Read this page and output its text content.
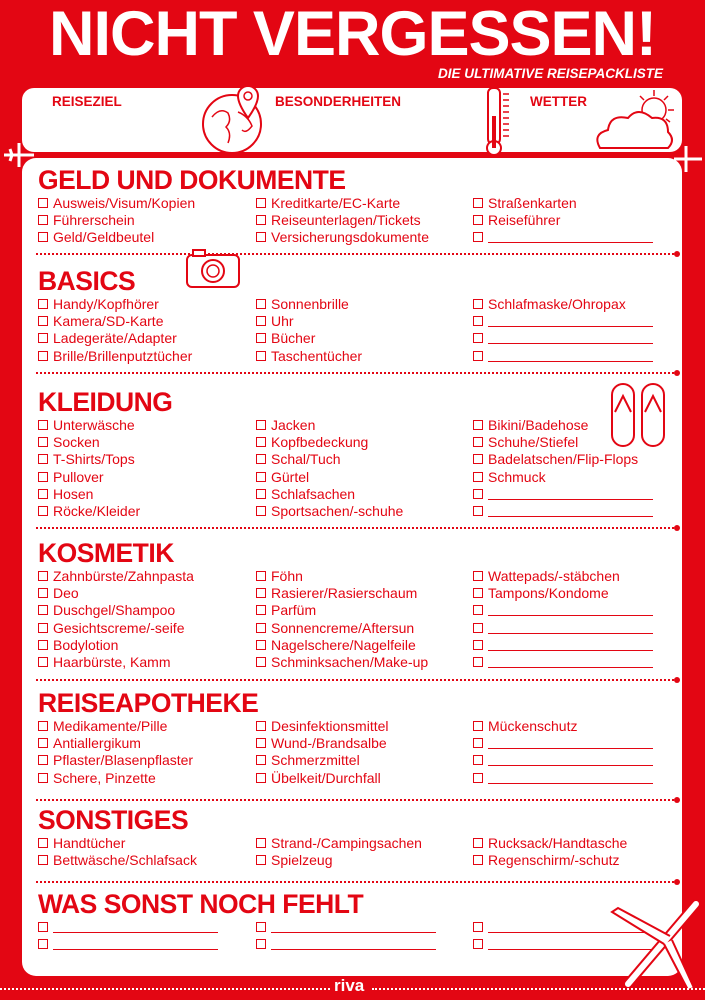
NICHT VERGESSEN!
DIE ULTIMATIVE REISEPACKLISTE
REISEZIEL	BESONDERHEITEN	WETTER
GELD UND DOKUMENTE
Ausweis/Visum/Kopien
Führerschein
Geld/Geldbeutel
Kreditkarte/EC-Karte
Reiseunterlagen/Tickets
Versicherungsdokumente
Straßenkarten
Reiseführer
BASICS
Handy/Kopfhörer
Kamera/SD-Karte
Ladegeräte/Adapter
Brille/Brillenputztücher
Sonnenbrille
Uhr
Bücher
Taschentücher
Schlafmaske/Ohropax
KLEIDUNG
Unterwäsche
Socken
T-Shirts/Tops
Pullover
Hosen
Röcke/Kleider
Jacken
Kopfbedeckung
Schal/Tuch
Gürtel
Schlafsachen
Sportsachen/-schuhe
Bikini/Badehose
Schuhe/Stiefel
Badelatschen/Flip-Flops
Schmuck
KOSMETIK
Zahnbürste/Zahnpasta
Deo
Duschgel/Shampoo
Gesichtscreme/-seife
Bodylotion
Haarbürste, Kamm
Föhn
Rasierer/Rasierschaum
Parfüm
Sonnencreme/Aftersun
Nagelschere/Nagelfeile
Schminksachen/Make-up
Wattepads/-stäbchen
Tampons/Kondome
REISEAPOTHEKE
Medikamente/Pille
Antiallergikum
Pflaster/Blasenpflaster
Schere, Pinzette
Desinfektionsmittel
Wund-/Brandsalbe
Schmerzmittel
Übelkeit/Durchfall
Mückenschutz
SONSTIGES
Handtücher
Bettwäsche/Schlafsack
Strand-/Campingsachen
Spielzeug
Rucksack/Handtasche
Regenschirm/-schutz
WAS SONST NOCH FEHLT
riva
